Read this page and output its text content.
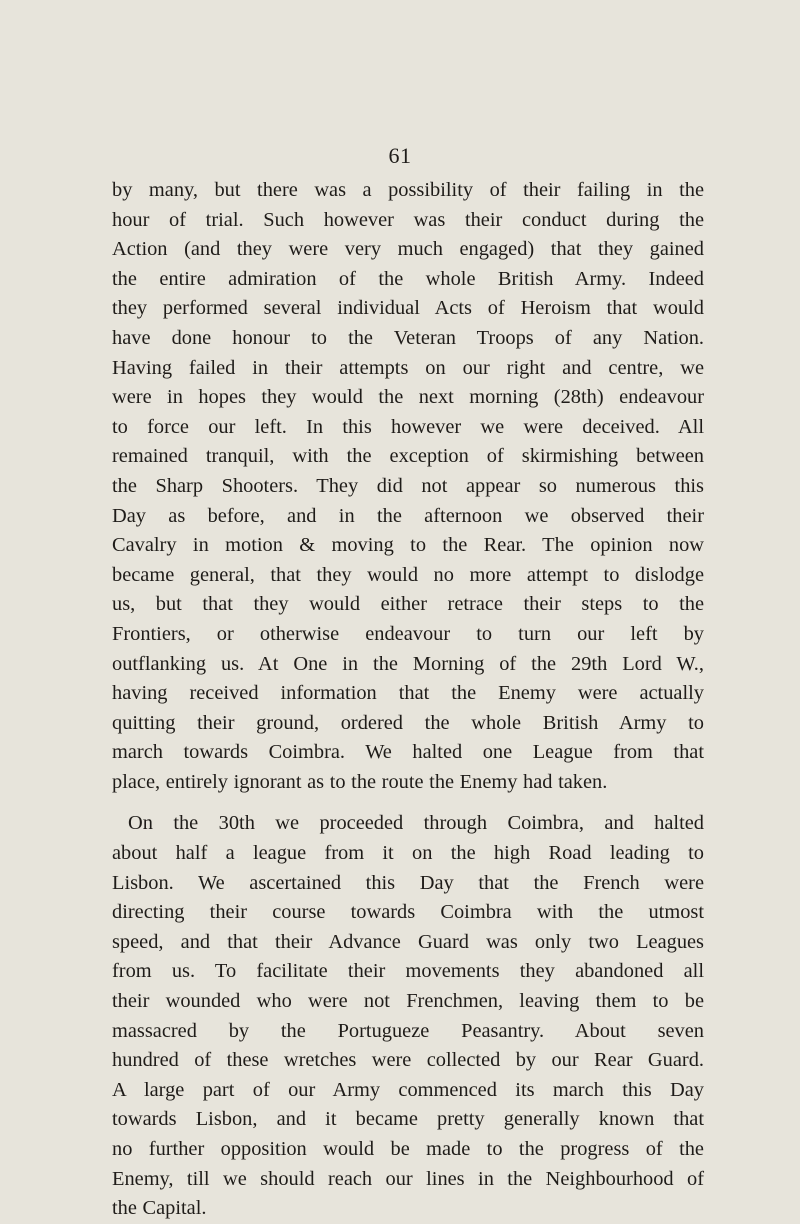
61
by many, but there was a possibility of their failing in the
hour of trial. Such however was their conduct during the
Action (and they were very much engaged) that they gained
the entire admiration of the whole British Army. Indeed
they performed several individual Acts of Heroism that would
have done honour to the Veteran Troops of any Nation.
Having failed in their attempts on our right and centre, we
were in hopes they would the next morning (28th) endeavour
to force our left. In this however we were deceived. All
remained tranquil, with the exception of skirmishing between
the Sharp Shooters. They did not appear so numerous this
Day as before, and in the afternoon we observed their
Cavalry in motion & moving to the Rear. The opinion now
became general, that they would no more attempt to dislodge
us, but that they would either retrace their steps to the
Frontiers, or otherwise endeavour to turn our left by
outflanking us. At One in the Morning of the 29th Lord W.,
having received information that the Enemy were actually
quitting their ground, ordered the whole British Army to
march towards Coimbra. We halted one League from that
place, entirely ignorant as to the route the Enemy had taken.
On the 30th we proceeded through Coimbra, and halted
about half a league from it on the high Road leading to
Lisbon. We ascertained this Day that the French were
directing their course towards Coimbra with the utmost
speed, and that their Advance Guard was only two Leagues
from us. To facilitate their movements they abandoned all
their wounded who were not Frenchmen, leaving them to be
massacred by the Portugueze Peasantry. About seven
hundred of these wretches were collected by our Rear Guard.
A large part of our Army commenced its march this Day
towards Lisbon, and it became pretty generally known that
no further opposition would be made to the progress of the
Enemy, till we should reach our lines in the Neighbourhood of
the Capital.
